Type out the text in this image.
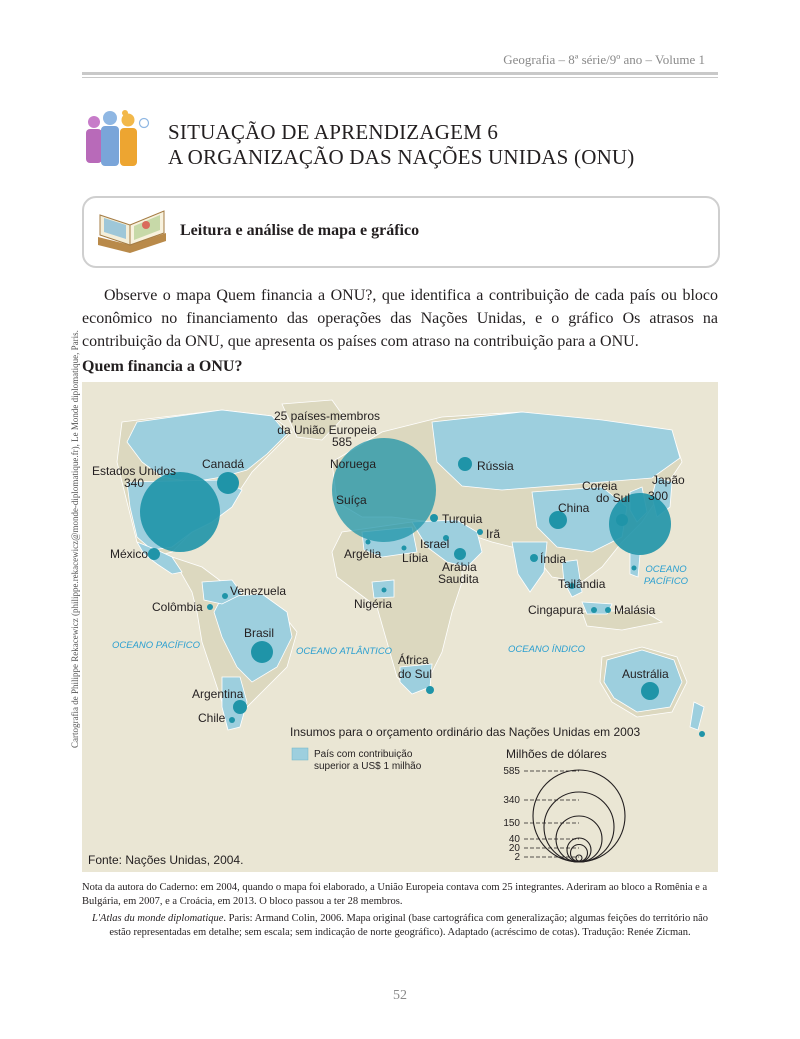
Geografia – 8ª série/9º ano – Volume 1
SITUAÇÃO DE APRENDIZAGEM 6
A ORGANIZAÇÃO DAS NAÇÕES UNIDAS (ONU)
Leitura e análise de mapa e gráfico
Observe o mapa Quem financia a ONU?, que identifica a contribuição de cada país ou bloco econômico no financiamento das operações das Nações Unidas, e o gráfico Os atrasos na contribuição da ONU, que apresenta os países com atraso na contribuição para a ONU.
Quem financia a ONU?
Cartografia de Philippe Rekacewicz (philippe.rekacewicz@monde-diplomatique.fr), Le Monde diplomatique, Paris.	25 países-membros
da União Europeia
585
Estados Unidos
340
Canadá
México
Venezuela
Colômbia
Brasil
Argentina
Chile
Noruega
Suíça
Rússia
Turquia
Israel
Irã
Argélia Líbia
Arábia
Saudita
Nigéria
África
do Sul
China
Coreia
do Sul
Japão
300
Índia
Tailândia
Cingapura	Malásia
Austrália
OCEANO PACÍFICO
OCEANO ATLÂNTICO	OCEANO ÍNDICO
OCEANO
PACÍFICO
Insumos para o orçamento ordinário das Nações Unidas em 2003
País com contribuição
superior a US$ 1 milhão
Milhões de dólares
585
340
150
40
20
2
Fonte: Nações Unidas, 2004.
Nota da autora do Caderno: em 2004, quando o mapa foi elaborado, a União Europeia contava com 25 integrantes. Aderiram ao bloco a Romênia e a Bulgária, em 2007, e a Croácia, em 2013. O bloco passou a ter 28 membros.
L'Atlas du monde diplomatique. Paris: Armand Colin, 2006. Mapa original (base cartográfica com generalização; algumas feições do território não estão representadas em detalhe; sem escala; sem indicação de norte geográfico). Adaptado (acréscimo de cotas). Tradução: Renée Zicman.
52
